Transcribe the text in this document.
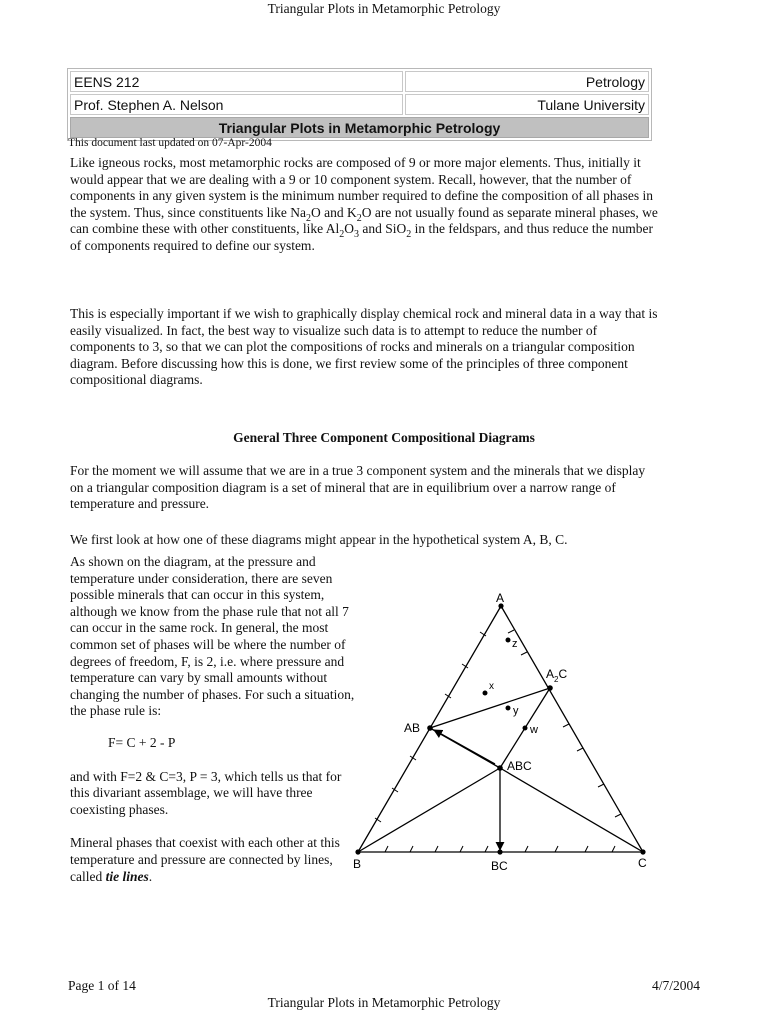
Triangular Plots in Metamorphic Petrology
EENS 212	Petrology
Prof. Stephen A. Nelson	Tulane University
Triangular Plots in Metamorphic Petrology	
This document last updated on 07-Apr-2004

Like igneous rocks, most metamorphic rocks are composed of 9 or more major elements. Thus, initially it would appear that we are dealing with a 9 or 10 component system. Recall, however, that the number of components in any given system is the minimum number required to define the composition of all phases in the system. Thus, since constituents like $Na_2O$ and $K_2O$ are not usually found as separate mineral phases, we can combine these with other constituents, like $Al_2O_3$ and SiO$_2$ in the feldspars, and thus reduce the number of components required to define our system.

This is especially important if we wish to graphically display chemical rock and mineral data in a way that is easily visualized. In fact, the best way to visualize such data is to attempt to reduce the number of components to 3, so that we can plot the compositions of rocks and minerals on a triangular composition diagram. Before discussing how this is done, we first review some of the principles of three component compositional diagrams.

General Three Component Compositional Diagrams

For the moment we will assume that we are in a true 3 component system and the minerals that we display on a triangular composition diagram is a set of mineral that are in equilibrium over a narrow range of temperature and pressure.

We first look at how one of these diagrams might appear in the hypothetical system A, B, C.

As shown on the diagram, at the pressure and temperature under consideration, there are seven possible minerals that can occur in this system, although we know from the phase rule that not all 7 can occur in the same rock. In general, the most common set of phases will be where the number of degrees of freedom, F, is 2, i.e. where pressure and temperature can vary by small amounts without changing the number of phases. For such a situation, the phase rule is:

F= C + 2 - P

and with F=2 & C=3, P = 3, which tells us that for this divariant assemblage, we will have three coexisting phases.

Mineral phases that coexist with each other at this temperature and pressure are connected by lines, called tie lines.

A
B	C
$A_2C$
AB
ABC
BC
x
y
z
w
Page 1 of 14	4/7/2004
Triangular Plots in Metamorphic Petrology
